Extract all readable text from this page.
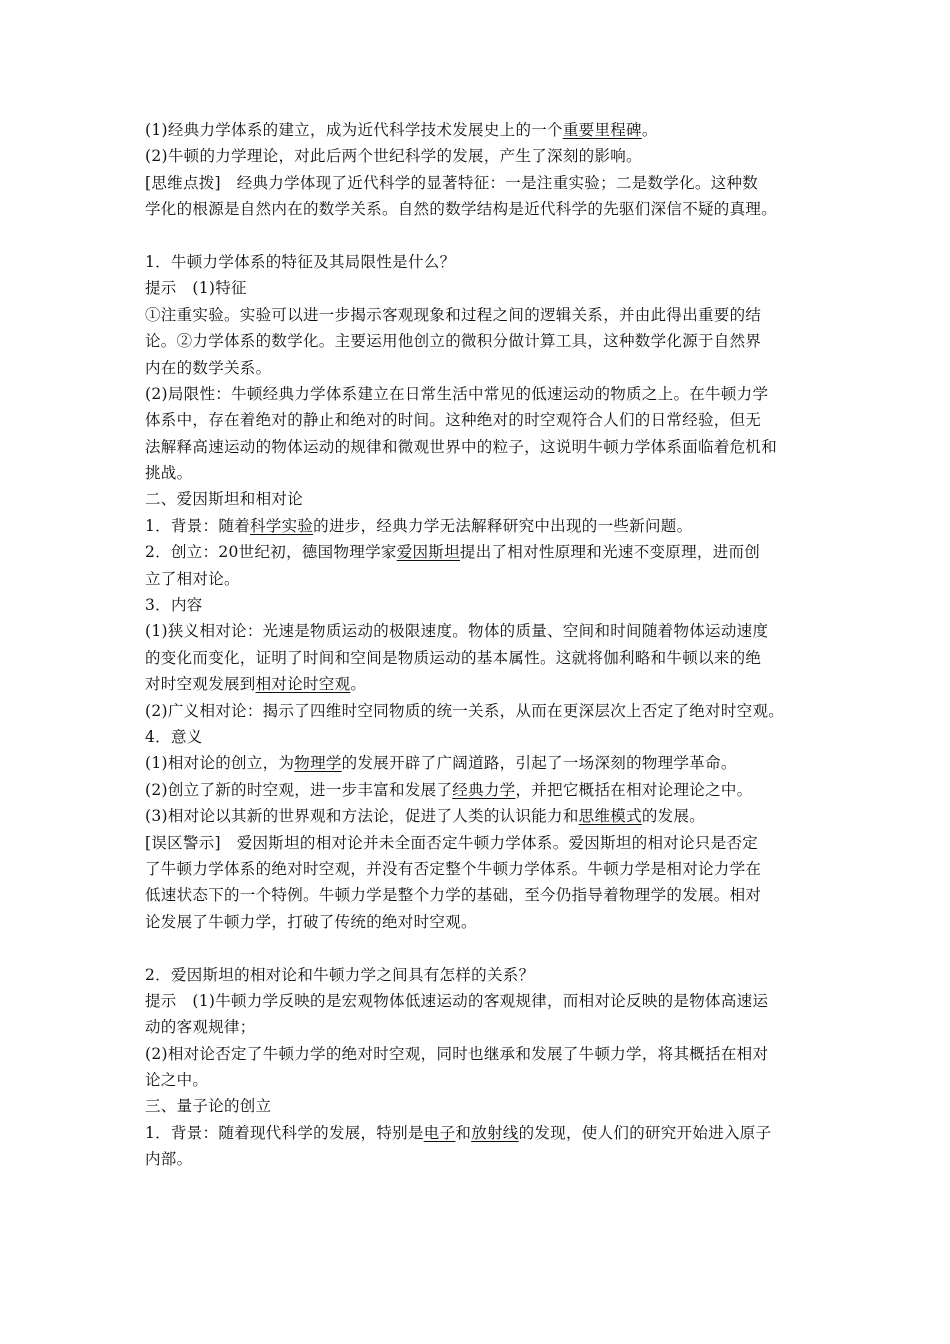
(1)经典力学体系的建立，成为近代科学技术发展史上的一个重要里程碑。
(2)牛顿的力学理论，对此后两个世纪科学的发展，产生了深刻的影响。
[思维点拨]　经典力学体现了近代科学的显著特征：一是注重实验；二是数学化。这种数
学化的根源是自然内在的数学关系。自然的数学结构是近代科学的先驱们深信不疑的真理。
1．牛顿力学体系的特征及其局限性是什么？
提示　(1)特征
①注重实验。实验可以进一步揭示客观现象和过程之间的逻辑关系，并由此得出重要的结
论。②力学体系的数学化。主要运用他创立的微积分做计算工具，这种数学化源于自然界
内在的数学关系。
(2)局限性：牛顿经典力学体系建立在日常生活中常见的低速运动的物质之上。在牛顿力学
体系中，存在着绝对的静止和绝对的时间。这种绝对的时空观符合人们的日常经验，但无
法解释高速运动的物体运动的规律和微观世界中的粒子，这说明牛顿力学体系面临着危机和
挑战。
二、爱因斯坦和相对论
1．背景：随着科学实验的进步，经典力学无法解释研究中出现的一些新问题。
2．创立：20世纪初，德国物理学家爱因斯坦提出了相对性原理和光速不变原理，进而创
立了相对论。
3．内容
(1)狭义相对论：光速是物质运动的极限速度。物体的质量、空间和时间随着物体运动速度
的变化而变化，证明了时间和空间是物质运动的基本属性。这就将伽利略和牛顿以来的绝
对时空观发展到相对论时空观。
(2)广义相对论：揭示了四维时空同物质的统一关系，从而在更深层次上否定了绝对时空观。
4．意义
(1)相对论的创立，为物理学的发展开辟了广阔道路，引起了一场深刻的物理学革命。
(2)创立了新的时空观，进一步丰富和发展了经典力学，并把它概括在相对论理论之中。
(3)相对论以其新的世界观和方法论，促进了人类的认识能力和思维模式的发展。
[误区警示]　爱因斯坦的相对论并未全面否定牛顿力学体系。爱因斯坦的相对论只是否定
了牛顿力学体系的绝对时空观，并没有否定整个牛顿力学体系。牛顿力学是相对论力学在
低速状态下的一个特例。牛顿力学是整个力学的基础，至今仍指导着物理学的发展。相对
论发展了牛顿力学，打破了传统的绝对时空观。
2．爱因斯坦的相对论和牛顿力学之间具有怎样的关系？
提示　(1)牛顿力学反映的是宏观物体低速运动的客观规律，而相对论反映的是物体高速运
动的客观规律；
(2)相对论否定了牛顿力学的绝对时空观，同时也继承和发展了牛顿力学，将其概括在相对
论之中。
三、量子论的创立
1．背景：随着现代科学的发展，特别是电子和放射线的发现，使人们的研究开始进入原子
内部。
